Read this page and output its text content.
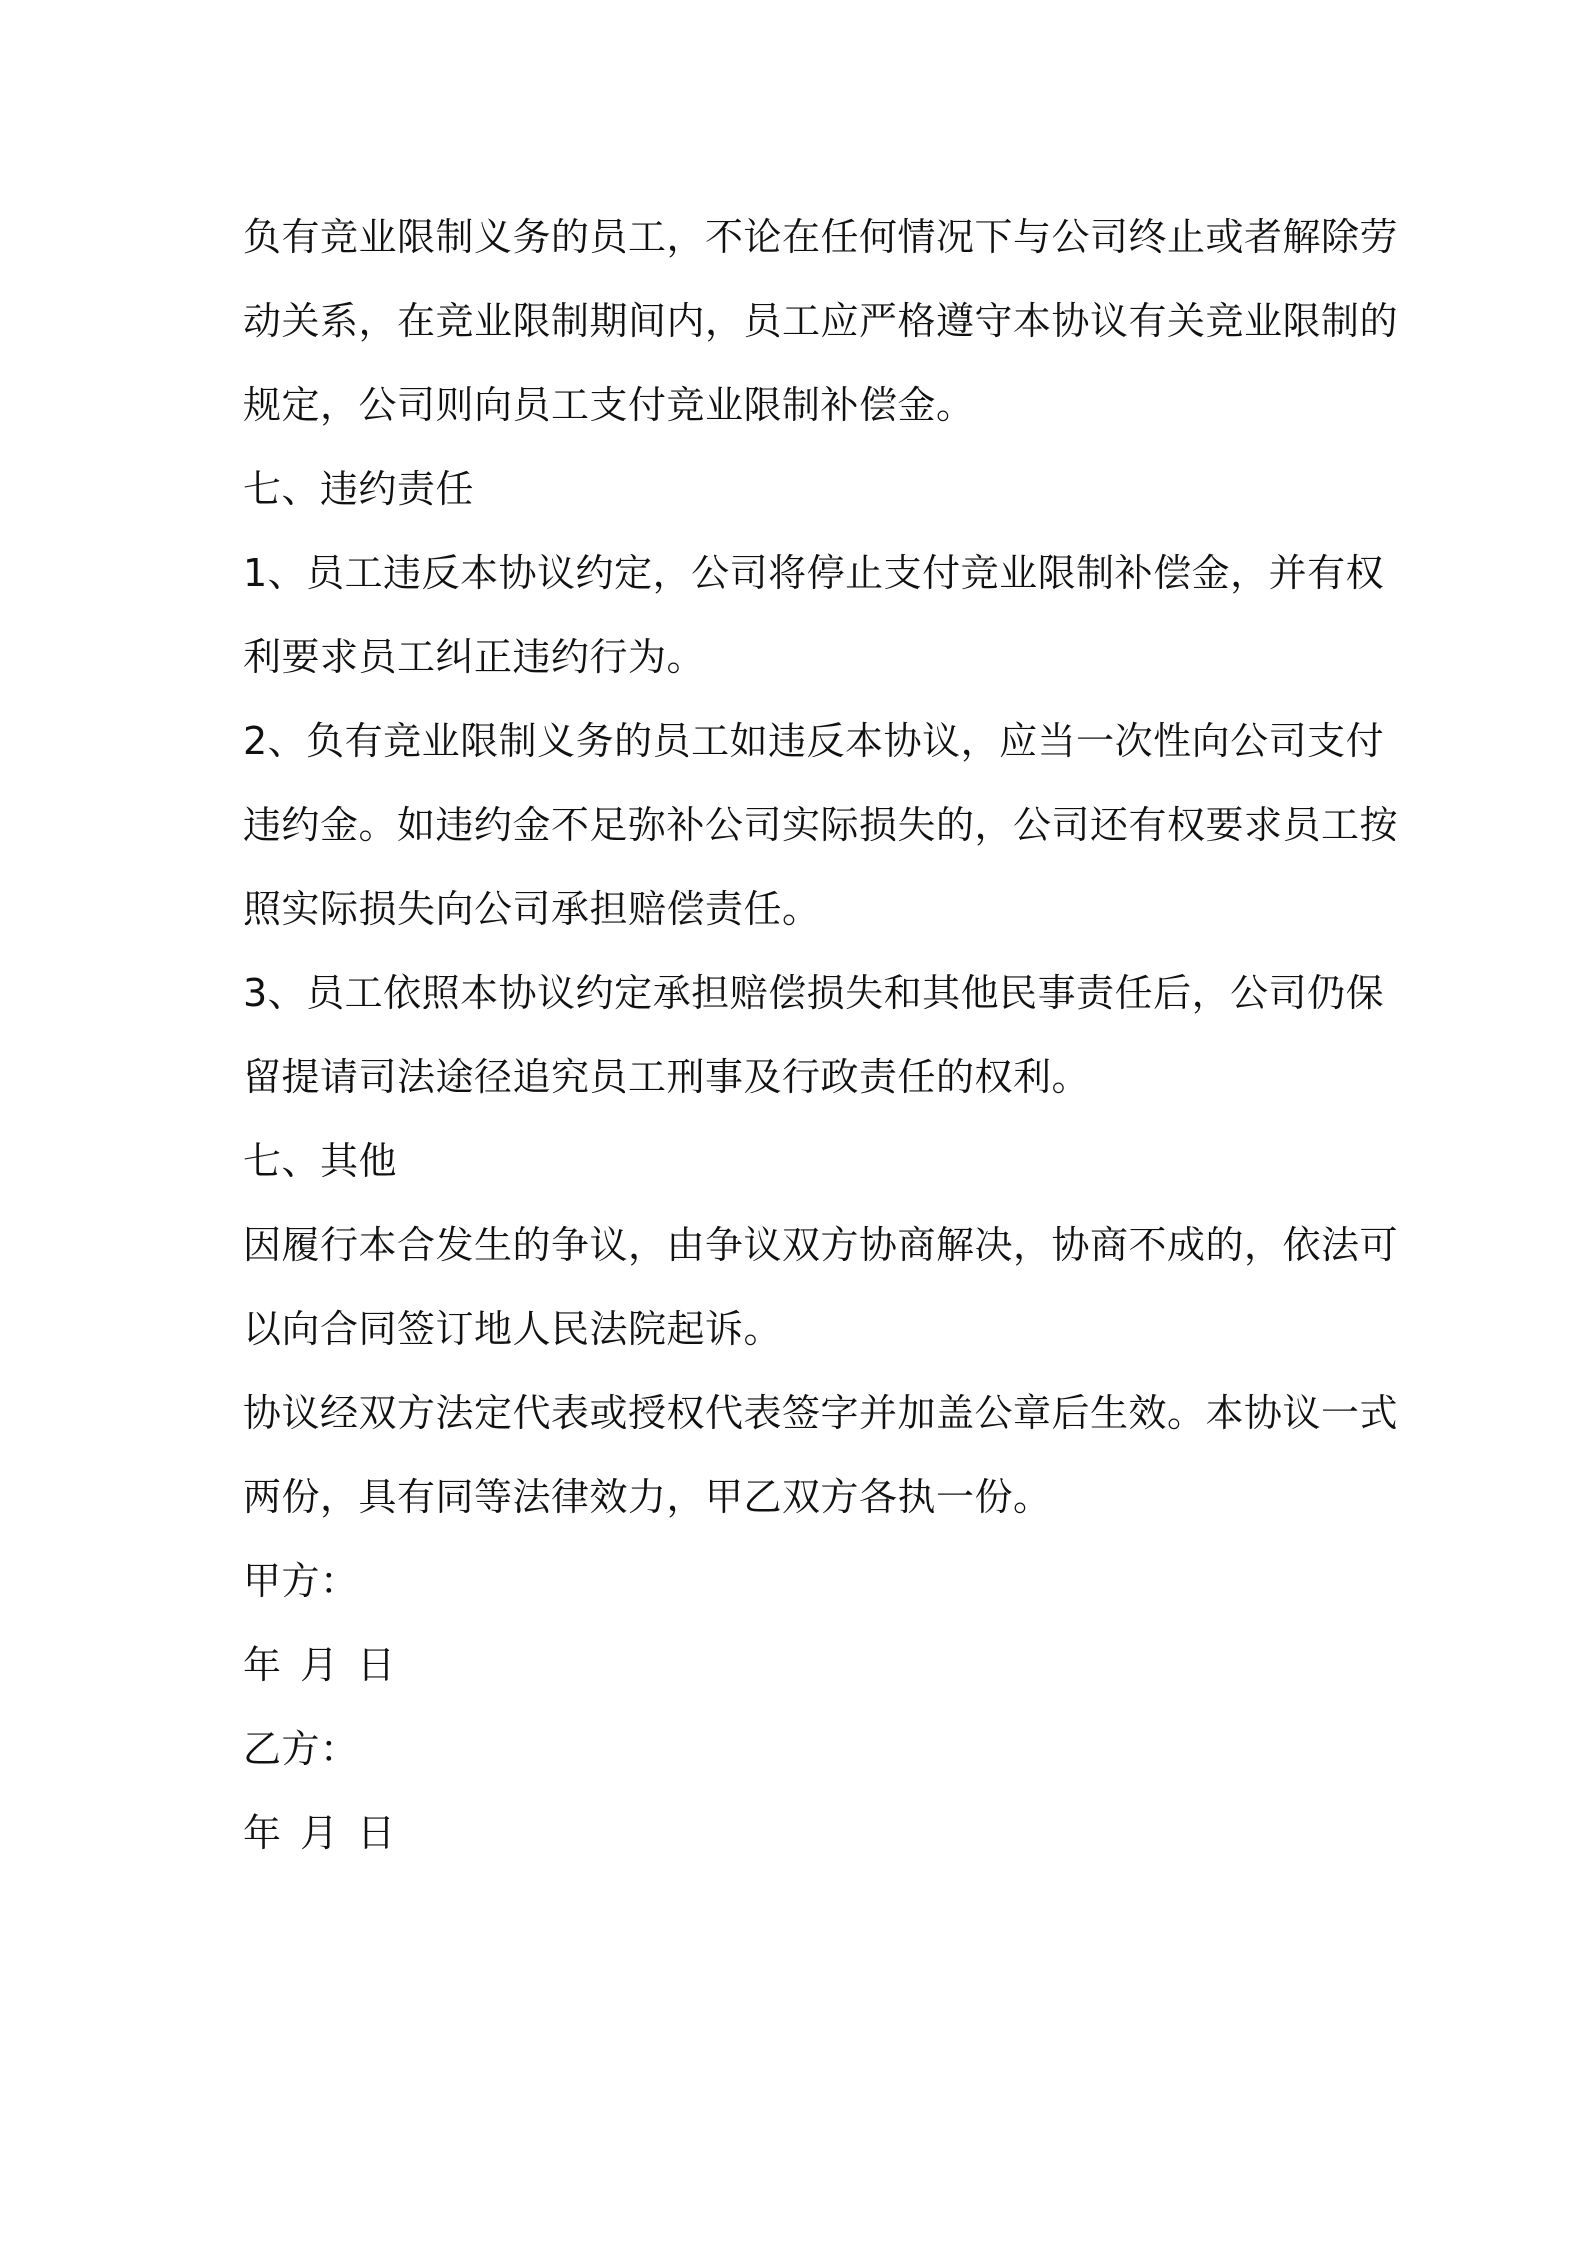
负有竞业限制义务的员工，不论在任何情况下与公司终止或者解除劳
动关系，在竞业限制期间内，员工应严格遵守本协议有关竞业限制的
规定，公司则向员工支付竞业限制补偿金。
七、违约责任
1、员工违反本协议约定，公司将停止支付竞业限制补偿金，并有权
利要求员工纠正违约行为。
2、负有竞业限制义务的员工如违反本协议，应当一次性向公司支付
违约金。如违约金不足弥补公司实际损失的，公司还有权要求员工按
照实际损失向公司承担赔偿责任。
3、员工依照本协议约定承担赔偿损失和其他民事责任后，公司仍保
留提请司法途径追究员工刑事及行政责任的权利。
七、其他
因履行本合发生的争议，由争议双方协商解决，协商不成的，依法可
以向合同签订地人民法院起诉。
协议经双方法定代表或授权代表签字并加盖公章后生效。本协议一式
两份，具有同等法律效力，甲乙双方各执一份。
甲方：
年 月 日
乙方：
年 月 日
